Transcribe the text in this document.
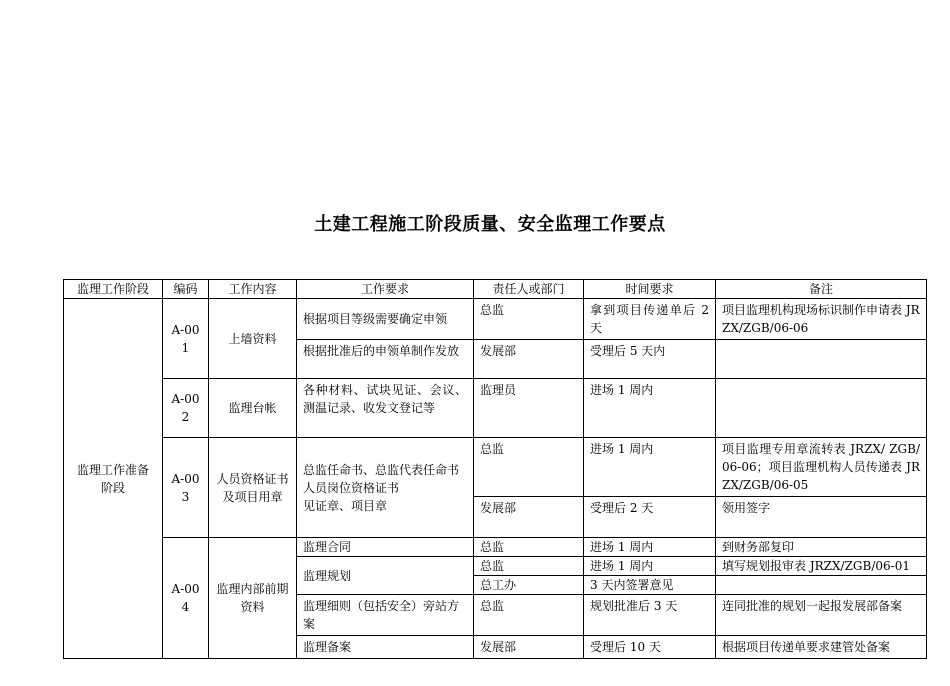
土建工程施工阶段质量、安全监理工作要点
监理工作阶段	编码	工作内容	工作要求	责任人或部门	时间要求	备注
监理工作准备阶段	A-001	上墙资料	根据项目等级需要确定申领	总监	拿到项目传递单后 2 天	项目监理机构现场标识制作申请表 JRZX/ZGB/06-06
			根据批准后的申领单制作发放	发展部	受理后 5 天内	
	A-002	监理台帐	各种材料、试块见证、会议、测温记录、收发文登记等	监理员	进场 1 周内	
	A-003	人员资格证书及项目用章	总监任命书、总监代表任命书
人员岗位资格证书
见证章、项目章	总监	进场 1 周内	项目监理专用章流转表 JRZX/ ZGB/06-06；项目监理机构人员传递表 JRZX/ZGB/06-05
				发展部	受理后 2 天	领用签字
	A-004	监理内部前期资料	监理合同	总监	进场 1 周内	到财务部复印
			监理规划	总监	进场 1 周内	填写规划报审表 JRZX/ZGB/06-01
				总工办	3 天内签署意见	
			监理细则（包括安全）旁站方案	总监	规划批准后 3 天	连同批准的规划一起报发展部备案
			监理备案	发展部	受理后 10 天	根据项目传递单要求建管处备案
